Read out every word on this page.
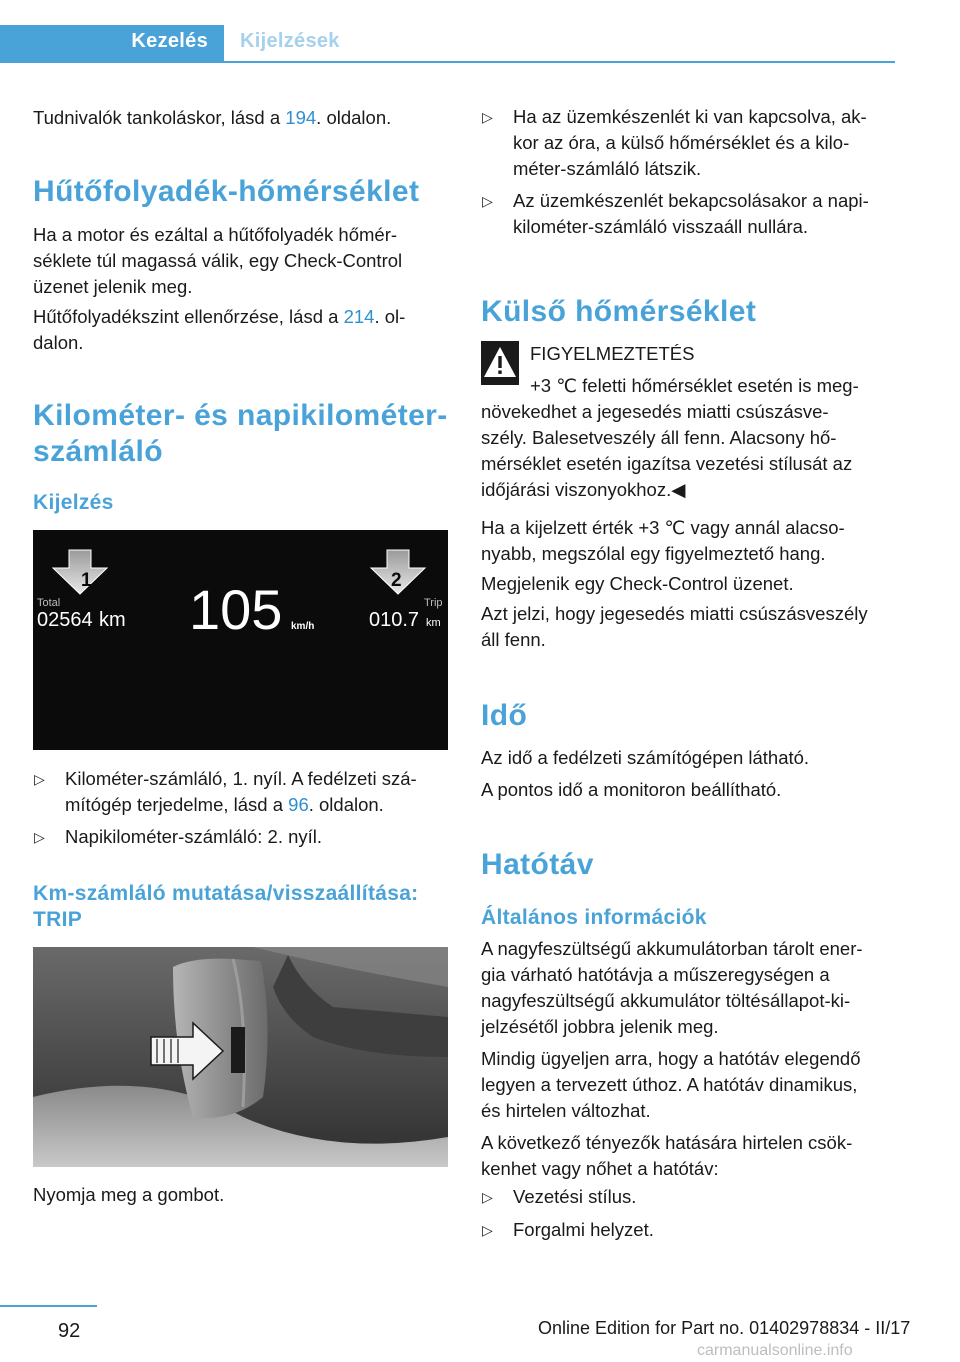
Kezelés	Kijelzések

Tudnivalók tankoláskor, lásd a 194. oldalon.

Hűtőfolyadék-hőmérséklet

Ha a motor és ezáltal a hűtőfolyadék hőmér-
séklete túl magassá válik, egy Check-Control
üzenet jelenik meg.

Hűtőfolyadékszint ellenőrzése, lásd a 214. ol-
dalon.

Kilométer- és napikilométer-
számláló
Kijelzés
1	2
Total
02564 km 105 km/h
Trip
010.7 km
▷ Kilométer-számláló, 1. nyíl. A fedélzeti szá-
mítógép terjedelme, lásd a 96. oldalon.
▷ Napikilométer-számláló: 2. nyíl.
Km-számláló mutatása/visszaállítása:
TRIP

Nyomja meg a gombot.

▷ Ha az üzemkészenlét ki van kapcsolva, ak-
kor az óra, a külső hőmérséklet és a kilo-
méter-számláló látszik.
▷ Az üzemkészenlét bekapcsolásakor a napi-
kilométer-számláló visszaáll nullára.
Külső hőmérséklet

FIGYELMEZTETÉS

+3 ℃ feletti hőmérséklet esetén is meg-

növekedhet a jegesedés miatti csúszásve-
szély. Balesetveszély áll fenn. Alacsony hő-
mérséklet esetén igazítsa vezetési stílusát az
időjárási viszonyokhoz.◀

Ha a kijelzett érték +3 ℃ vagy annál alacso-
nyabb, megszólal egy figyelmeztető hang.

Megjelenik egy Check-Control üzenet.

Azt jelzi, hogy jegesedés miatti csúszásveszély
áll fenn.

Idő

Az idő a fedélzeti számítógépen látható.

A pontos idő a monitoron beállítható.

Hatótáv
Általános információk

A nagyfeszültségű akkumulátorban tárolt ener-
gia várható hatótávja a műszeregységen a
nagyfeszültségű akkumulátor töltésállapot-ki-
jelzésétől jobbra jelenik meg.

Mindig ügyeljen arra, hogy a hatótáv elegendő
legyen a tervezett úthoz. A hatótáv dinamikus,
és hirtelen változhat.

A következő tényezők hatására hirtelen csök-
kenhet vagy nőhet a hatótáv:

▷ Vezetési stílus.
▷ Forgalmi helyzet.
92	Online Edition for Part no. 01402978834 - II/17
carmanualsonline.info
